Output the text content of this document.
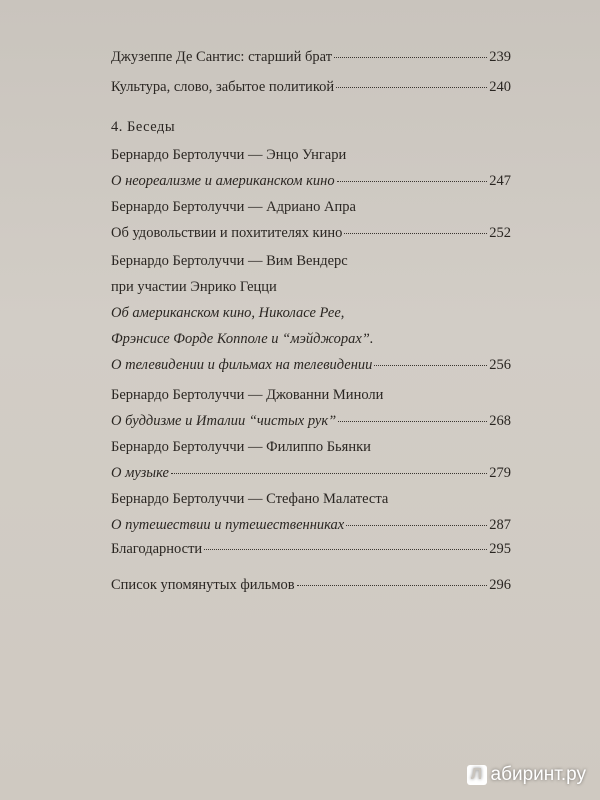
Джузеппе Де Сантис: старший брат	239
Культура, слово, забытое политикой	240
4. Беседы
Бернардо Бертолуччи — Энцо Унгари
О неореализме и американском кино	247
Бернардо Бертолуччи — Адриано Апра
Об удовольствии и похитителях кино	252
Бернардо Бертолуччи — Вим Вендерс
при участии Энрико Гецци
Об американском кино, Николасе Рее,
Фрэнсисе Форде Копполе и “мэйджорах”.
О телевидении и фильмах на телевидении	256
Бернардо Бертолуччи — Джованни Миноли
О буддизме и Италии “чистых рук”	268
Бернардо Бертолуччи — Филиппо Бьянки
О музыке	279
Бернардо Бертолуччи — Стефано Малатеста
О путешествии и путешественниках	287
Благодарности	295
Список упомянутых фильмов	296
Л абиринт.ру
